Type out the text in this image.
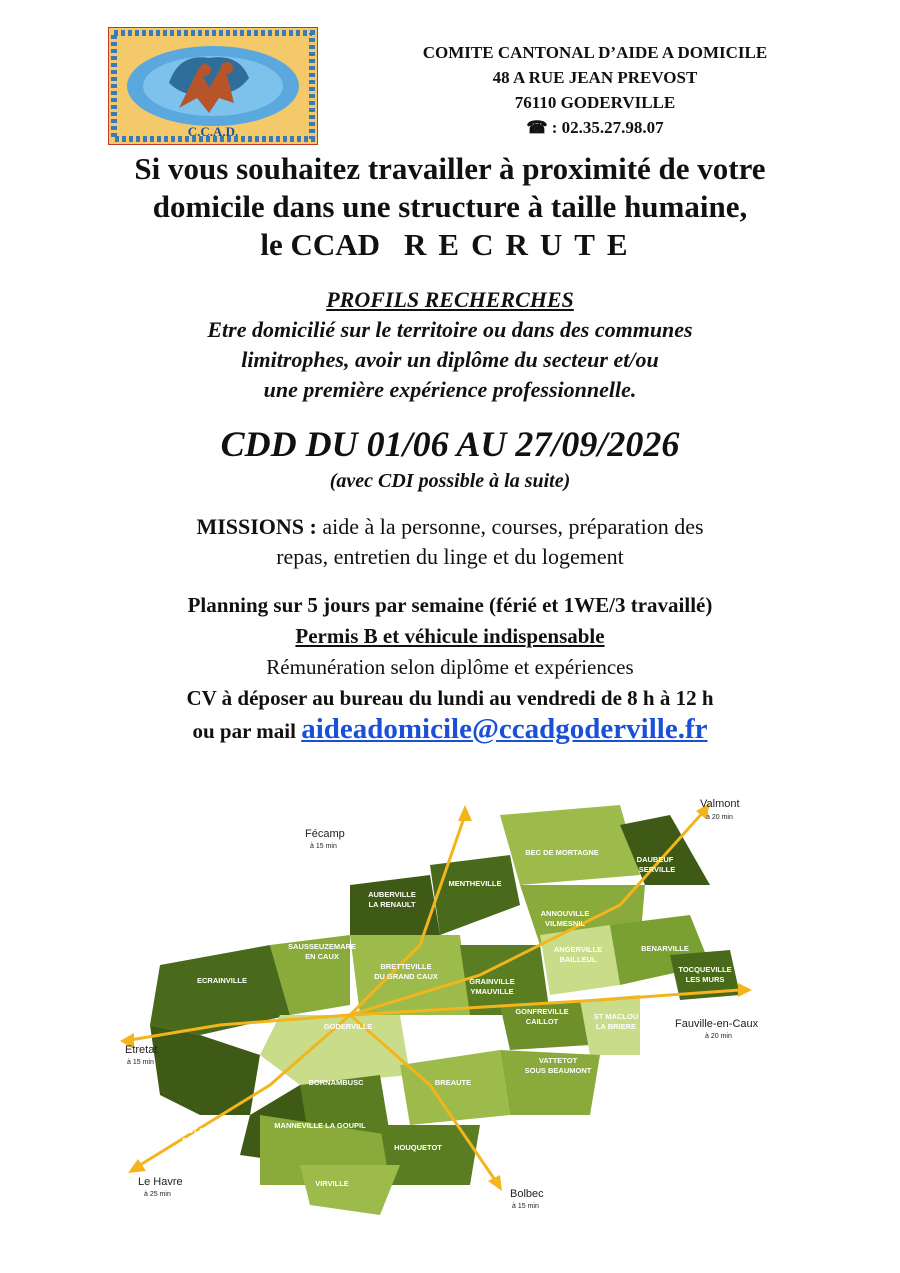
C.C.A.D.
COMITE CANTONAL D’AIDE A DOMICILE
48 A RUE JEAN PREVOST
76110 GODERVILLE
☎ : 02.35.27.98.07
Si vous souhaitez travailler à proximité de votre
domicile dans une structure à taille humaine,
le CCAD RECRUTE
PROFILS RECHERCHES
Etre domicilié sur le territoire ou dans des communes
limitrophes, avoir un diplôme du secteur et/ou
une première expérience professionnelle.
CDD DU 01/06 AU 27/09/2026
(avec CDI possible à la suite)
MISSIONS : aide à la personne, courses, préparation des
repas, entretien du linge et du logement
Planning sur 5 jours par semaine (férié et 1WE/3 travaillé)
Permis B et véhicule indispensable
Rémunération selon diplôme et expériences
CV à déposer au bureau du lundi au vendredi de 8 h à 12 h
ou par mail aideadomicile@ccadgoderville.fr
BEC DE MORTAGNE
DAUBEUF
SERVILLE
MENTHEVILLE
AUBERVILLE
LA RENAULT
ANNOUVILLE
VILMESNIL
SAUSSEUZEMARE
EN CAUX
ANGERVILLE
BAILLEUL
BENARVILLE
BRETTEVILLE
DU GRAND CAUX
GRAINVILLE
YMAUVILLE
TOCQUEVILLE
LES MURS
ECRAINVILLE
GONFREVILLE
CAILLOT
ST MACLOU
LA BRIERE
GODERVILLE
VATTETOT
SOUS BEAUMONT
BORNAMBUSC	BREAUTE
ST SAUVEUR
D'EMALLEVILLE
MANNEVILLE LA GOUPIL
HOUQUETOT
VIRVILLE
Valmont
à 20 min
Fécamp
à 15 min
Etretat
à 15 min
Fauville-en-Caux
à 20 min
Le Havre
à 25 min	Bolbec
à 15 min
